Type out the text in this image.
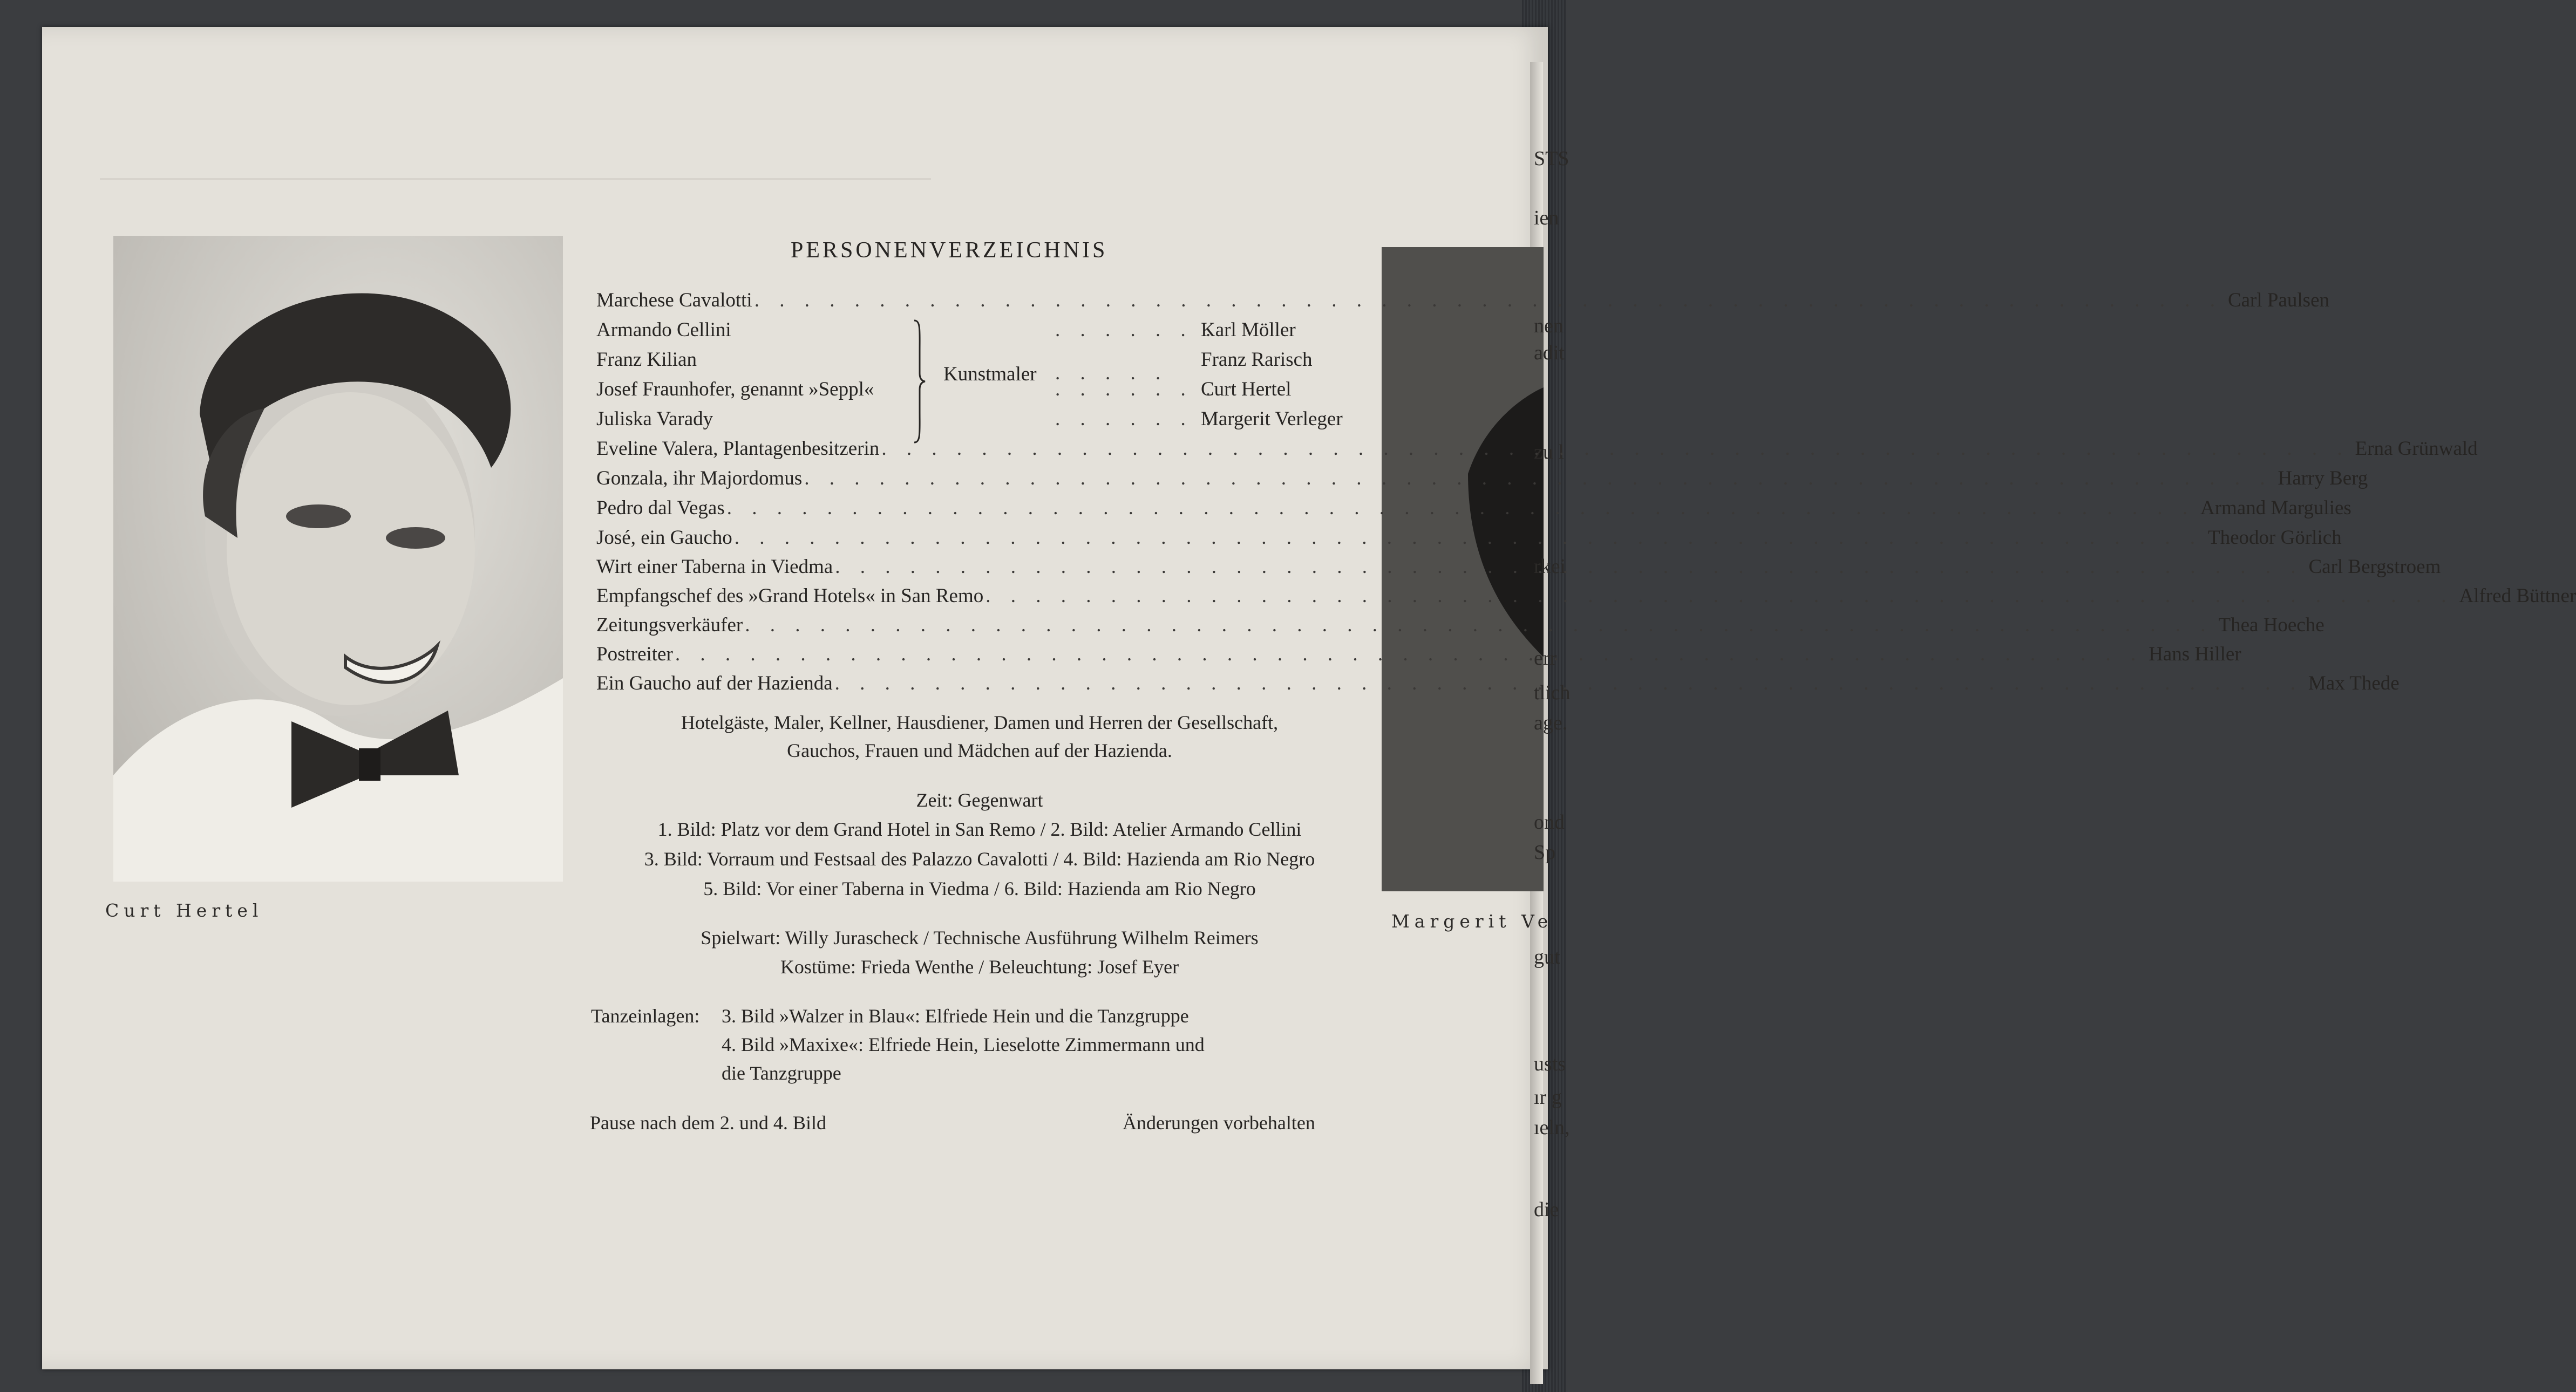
Curt Hertel
Margerit Ve
STS
ien
nen
adit
zu l
rkei
err
tlich
age.
ond
Sp
gut
usts
ır g
ıeln,
die
PERSONENVERZEICHNIS
Marchese Cavalotti . . .	Carl Paulsen
Armando Cellini	Karl Möller
Franz Kilian	Franz Rarisch
Josef Fraunhofer, genannt »Seppl«	Curt Hertel
Juliska Varady	Margerit Verleger
Kunstmaler
. . . . . . .
. . . . .
. . . . . . .
. . . . . . .
Eveline Valera, Plantagenbesitzerin . . .	Erna Grünwald
Gonzala, ihr Majordomus . . .	Harry Berg
Pedro dal Vegas . . .	Armand Margulies
José, ein Gaucho . . .	Theodor Görlich
Wirt einer Taberna in Viedma . . .	Carl Bergstroem
Empfangschef des »Grand Hotels« in San Remo . . .	Alfred Büttner
Zeitungsverkäufer . . .	Thea Hoeche
Postreiter . . .	Hans Hiller
Ein Gaucho auf der Hazienda . . .	Max Thede
Hotelgäste, Maler, Kellner, Hausdiener, Damen und Herren der Gesellschaft,
Gauchos, Frauen und Mädchen auf der Hazienda.
Zeit: Gegenwart
1. Bild: Platz vor dem Grand Hotel in San Remo / 2. Bild: Atelier Armando Cellini
3. Bild: Vorraum und Festsaal des Palazzo Cavalotti / 4. Bild: Hazienda am Rio Negro
5. Bild: Vor einer Taberna in Viedma / 6. Bild: Hazienda am Rio Negro
Spielwart: Willy Jurascheck / Technische Ausführung Wilhelm Reimers
Kostüme: Frieda Wenthe / Beleuchtung: Josef Eyer
Tanzeinlagen: 3. Bild »Walzer in Blau«: Elfriede Hein und die Tanzgruppe
4. Bild »Maxixe«: Elfriede Hein, Lieselotte Zimmermann und
die Tanzgruppe
Pause nach dem 2. und 4. Bild	Änderungen vorbehalten
